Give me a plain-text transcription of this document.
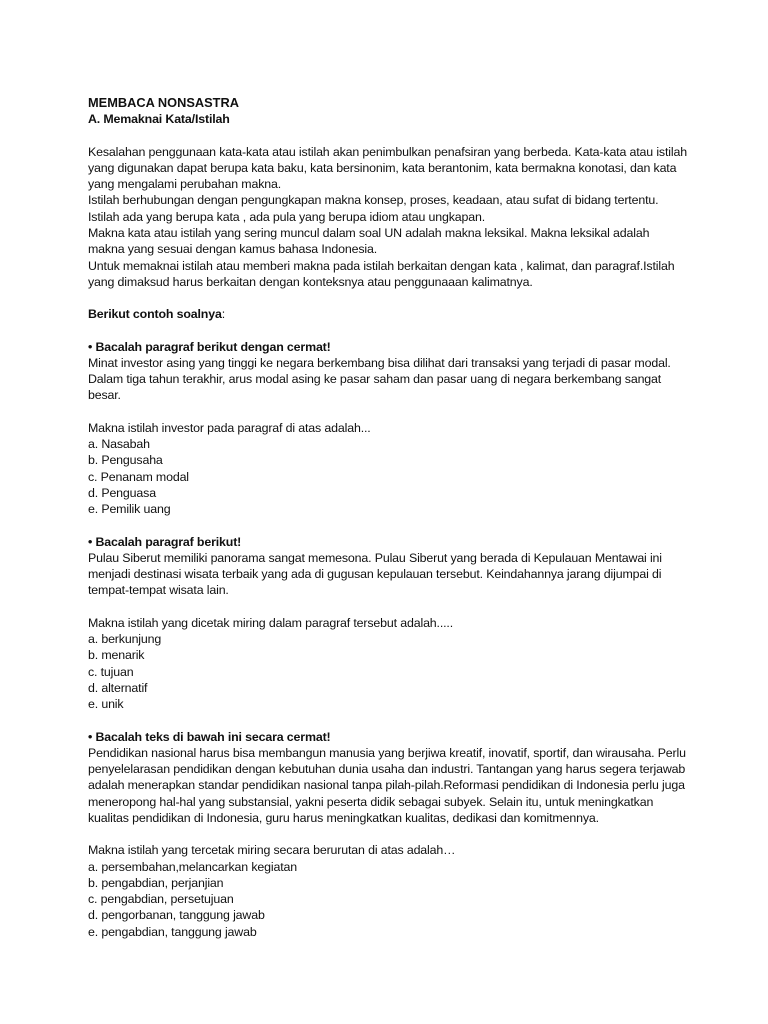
MEMBACA NONSASTRA

A. Memaknai Kata/Istilah

Kesalahan penggunaan kata-kata atau istilah akan penimbulkan penafsiran yang berbeda. Kata-kata atau istilah yang digunakan dapat berupa kata baku, kata bersinonim, kata berantonim, kata bermakna konotasi, dan kata yang mengalami perubahan makna.

Istilah berhubungan dengan pengungkapan makna konsep, proses, keadaan, atau sufat di bidang tertentu. Istilah ada yang berupa kata , ada pula yang berupa idiom atau ungkapan.

Makna kata atau istilah yang sering muncul dalam soal UN adalah makna leksikal. Makna leksikal adalah makna yang sesuai dengan kamus bahasa Indonesia.

Untuk memaknai istilah atau memberi makna pada istilah berkaitan dengan kata , kalimat, dan paragraf.Istilah yang dimaksud harus berkaitan dengan konteksnya atau penggunaaan kalimatnya.

Berikut contoh soalnya:

• Bacalah paragraf berikut dengan cermat!

Minat investor asing yang tinggi ke negara berkembang bisa dilihat dari transaksi yang terjadi di pasar modal. Dalam tiga tahun terakhir, arus modal asing ke pasar saham dan pasar uang di negara berkembang sangat besar.

Makna istilah investor pada paragraf di atas adalah...

a. Nasabah
b. Pengusaha
c. Penanam modal
d. Penguasa
e. Pemilik uang

• Bacalah paragraf berikut!

Pulau Siberut memiliki panorama sangat memesona. Pulau Siberut yang berada di Kepulauan Mentawai ini menjadi destinasi wisata terbaik yang ada di gugusan kepulauan tersebut. Keindahannya jarang dijumpai di tempat-tempat wisata lain.

Makna istilah yang dicetak miring dalam paragraf tersebut adalah.....

a. berkunjung
b. menarik
c. tujuan
d. alternatif
e. unik

• Bacalah teks di bawah ini secara cermat!

Pendidikan nasional harus bisa membangun manusia yang berjiwa kreatif, inovatif, sportif, dan wirausaha. Perlu penyelelarasan pendidikan dengan kebutuhan dunia usaha dan industri. Tantangan yang harus segera terjawab adalah menerapkan standar pendidikan nasional tanpa pilah-pilah.Reformasi pendidikan di Indonesia perlu juga meneropong hal-hal yang substansial, yakni peserta didik sebagai subyek. Selain itu, untuk meningkatkan kualitas pendidikan di Indonesia, guru harus meningkatkan kualitas, dedikasi dan komitmennya.

Makna istilah yang tercetak miring secara berurutan di atas adalah…

a. persembahan,melancarkan kegiatan
b. pengabdian, perjanjian
c. pengabdian, persetujuan
d. pengorbanan, tanggung jawab
e. pengabdian, tanggung jawab
